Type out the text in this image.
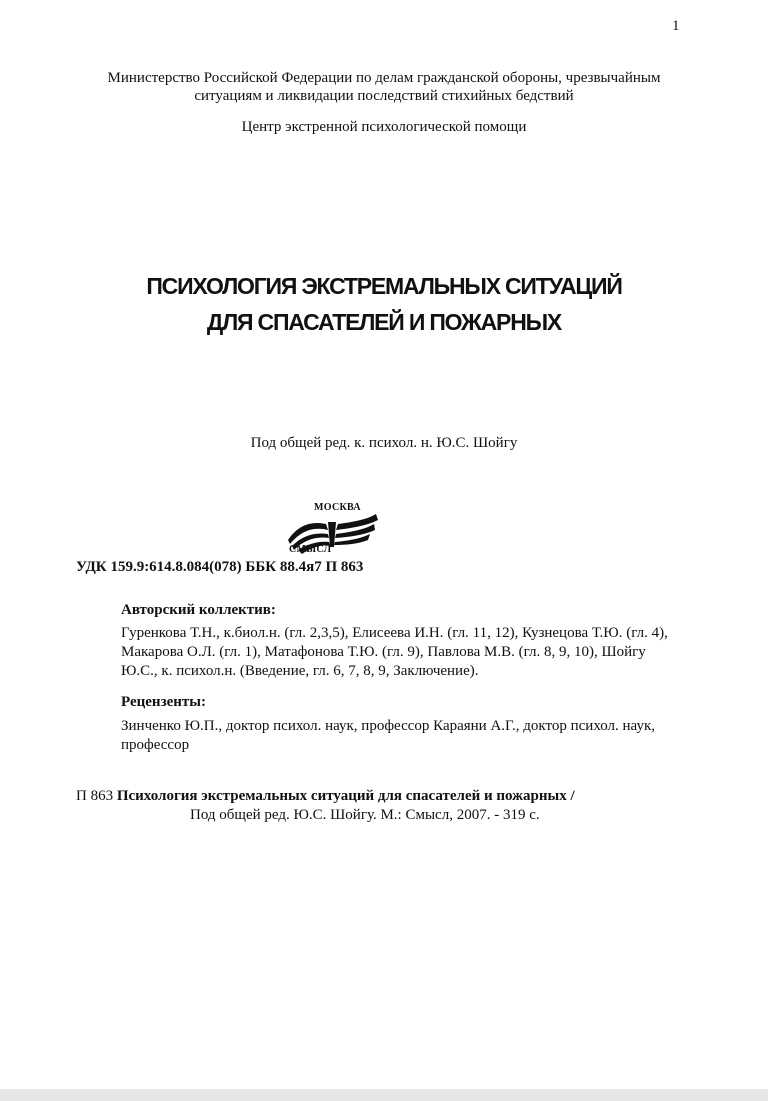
1
Министерство Российской Федерации по делам гражданской обороны, чрезвычайным
ситуациям и ликвидации последствий стихийных бедствий
Центр экстренной психологической помощи
ПСИХОЛОГИЯ ЭКСТРЕМАЛЬНЫХ СИТУАЦИЙ
ДЛЯ СПАСАТЕЛЕЙ И ПОЖАРНЫХ
Под общей ред. к. психол. н. Ю.С. Шойгу
МОСКВА
СМЫСЛ
УДК 159.9:614.8.084(078) ББК 88.4я7 П 863
Авторский коллектив:
Гуренкова Т.Н., к.биол.н. (гл. 2,3,5), Елисеева И.Н. (гл. 11, 12), Кузнецова Т.Ю. (гл. 4), Макарова О.Л. (гл. 1), Матафонова Т.Ю. (гл. 9), Павлова М.В. (гл. 8, 9, 10), Шойгу Ю.С., к. психол.н. (Введение, гл. 6, 7, 8, 9, Заключение).
Рецензенты:
Зинченко Ю.П., доктор психол. наук, профессор Караяни А.Г., доктор психол. наук, профессор
П 863 Психология экстремальных ситуаций для спасателей и пожарных /
Под общей ред. Ю.С. Шойгу. М.: Смысл, 2007. - 319 с.
